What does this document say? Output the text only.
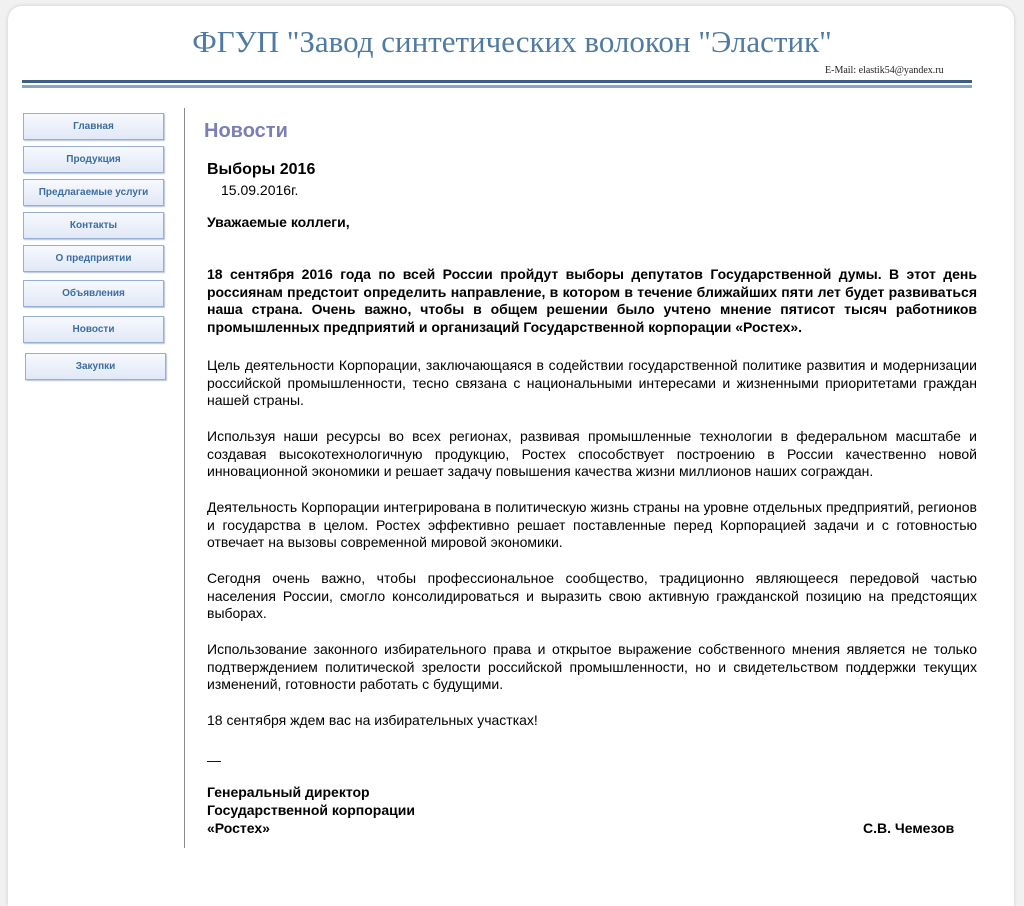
ФГУП "Завод синтетических волокон "Эластик"
E-Mail: elastik54@yandex.ru
Главная
Продукция
Предлагаемые услуги
Контакты
О предприятии
Объявления
Новости
Закупки
Новости
Выборы 2016
15.09.2016г.

Уважаемые коллеги,

18 сентября 2016 года по всей России пройдут выборы депутатов Государственной думы. В этот день россиянам предстоит определить направление, в котором в течение ближайших пяти лет будет развиваться наша страна. Очень важно, чтобы в общем решении было учтено мнение пятисот тысяч работников промышленных предприятий и организаций Государственной корпорации «Ростех».

Цель деятельности Корпорации, заключающаяся в содействии государственной политике развития и модернизации российской промышленности, тесно связана с национальными интересами и жизненными приоритетами граждан нашей страны.

Используя наши ресурсы во всех регионах, развивая промышленные технологии в федеральном масштабе и создавая высокотехнологичную продукцию, Ростех способствует построению в России качественно новой инновационной экономики и решает задачу повышения качества жизни миллионов наших сограждан.

Деятельность Корпорации интегрирована в политическую жизнь страны на уровне отдельных предприятий, регионов и государства в целом. Ростех эффективно решает поставленные перед Корпорацией задачи и с готовностью отвечает на вызовы современной мировой экономики.

Сегодня очень важно, чтобы профессиональное сообщество, традиционно являющееся передовой частью населения России, смогло консолидироваться и выразить свою активную гражданской позицию на предстоящих выборах.

Использование законного избирательного права и открытое выражение собственного мнения является не только подтверждением политической зрелости российской промышленности, но и свидетельством поддержки текущих изменений, готовности работать с будущими.

18 сентября ждем вас на избирательных участках!

—

Генеральный директор
Государственной корпорации
«Ростех»	С.В. Чемезов
